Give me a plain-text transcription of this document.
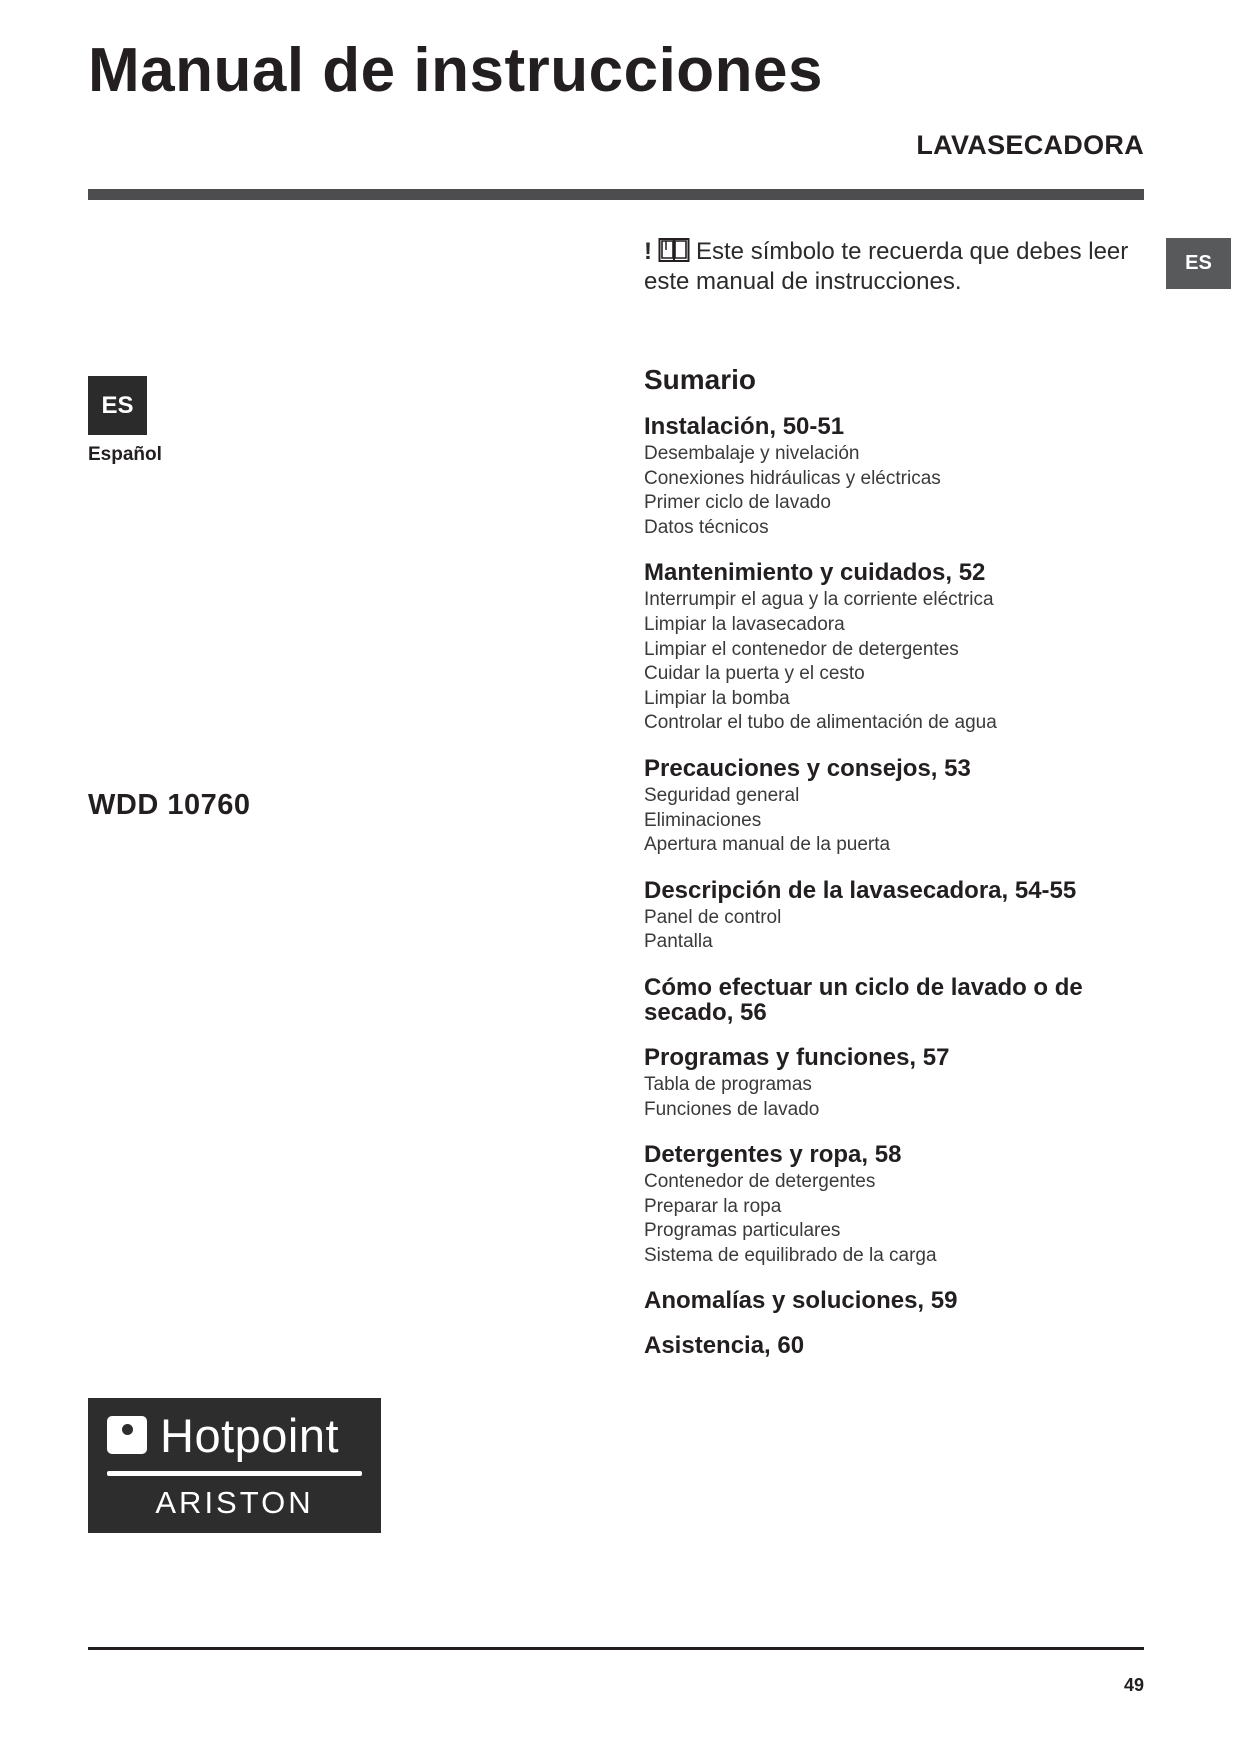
Manual de instrucciones
LAVASECADORA
ES
! Este símbolo te recuerda que debes leer este manual de instrucciones.
ES
Español
WDD 10760
Sumario
Instalación, 50-51
Desembalaje y nivelación
Conexiones hidráulicas y eléctricas
Primer ciclo de lavado
Datos técnicos
Mantenimiento y cuidados, 52
Interrumpir el agua y la corriente eléctrica
Limpiar la lavasecadora
Limpiar el contenedor de detergentes
Cuidar la puerta y el cesto
Limpiar la bomba
Controlar el tubo de alimentación de agua
Precauciones y consejos, 53
Seguridad general
Eliminaciones
Apertura manual de la puerta
Descripción de la lavasecadora, 54-55
Panel de control
Pantalla
Cómo efectuar un ciclo de lavado o de secado, 56
Programas y funciones, 57
Tabla de programas
Funciones de lavado
Detergentes y ropa, 58
Contenedor de detergentes
Preparar la ropa
Programas particulares
Sistema de equilibrado de la carga
Anomalías y soluciones, 59
Asistencia, 60
Hotpoint
ARISTON
49
